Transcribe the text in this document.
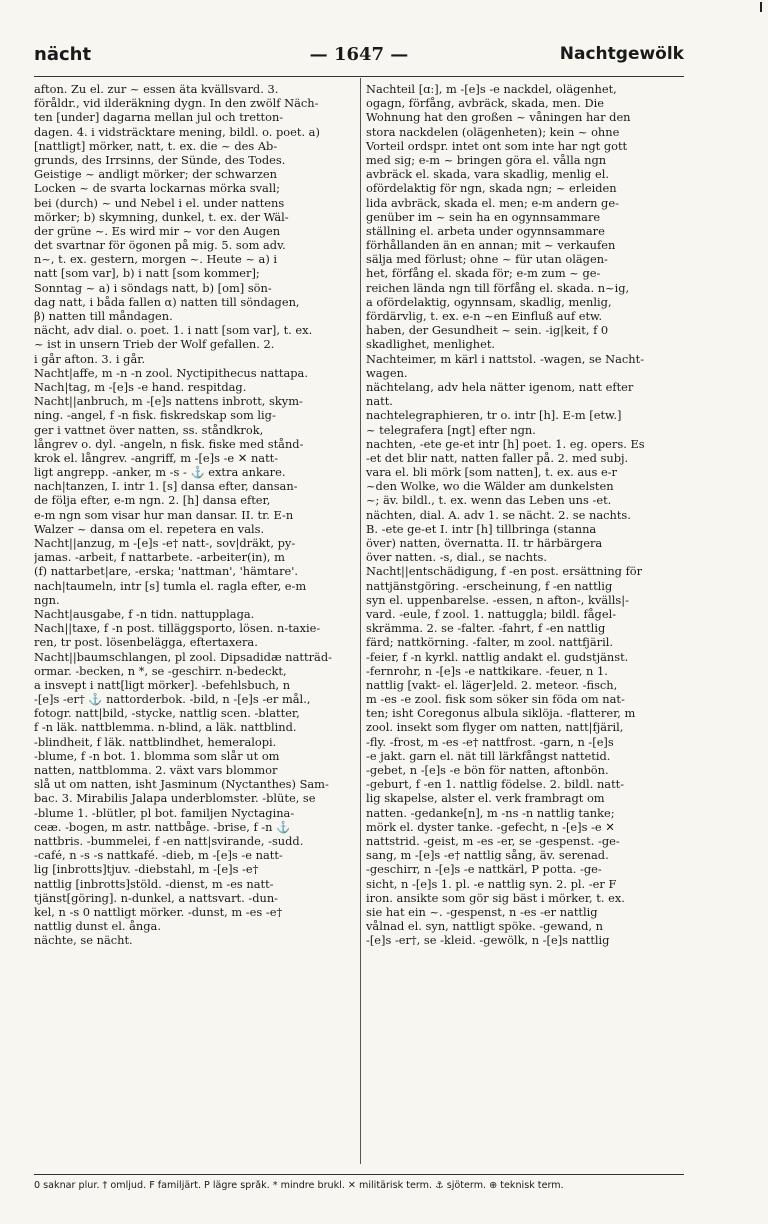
— 1647 —
nächt	Nachtgewölk
afton. Zu el. zur ~ essen äta kvällsvard. 3.
föråldr., vid ilderäkning dygn. In den zwölf Näch-
ten [under] dagarna mellan jul och tretton-
dagen. 4. i vidsträcktare mening, bildl. o. poet. a)
[nattligt] mörker, natt, t. ex. die ~ des Ab-
grunds, des Irrsinns, der Sünde, des Todes.
Geistige ~ andligt mörker; der schwarzen
Locken ~ de svarta lockarnas mörka svall;
bei (durch) ~ und Nebel i el. under nattens
mörker; b) skymning, dunkel, t. ex. der Wäl-
der grüne ~. Es wird mir ~ vor den Augen
det svartnar för ögonen på mig. 5. som adv.
n~, t. ex. gestern, morgen ~. Heute ~ a) i
natt [som var], b) i natt [som kommer];
Sonntag ~ a) i söndags natt, b) [om] sön-
dag natt, i båda fallen α) natten till söndagen,
β) natten till måndagen.
nächt, adv dial. o. poet. 1. i natt [som var], t. ex.
~ ist in unsern Trieb der Wolf gefallen. 2.
i går afton. 3. i går.
Nacht|affe, m -n -n zool. Nyctipithecus nattapa.
Nach|tag, m -[e]s -e hand. respitdag.
Nacht||anbruch, m -[e]s nattens inbrott, skym-
ning. -angel, f -n fisk. fiskredskap som lig-
ger i vattnet över natten, ss. ståndkrok,
långrev o. dyl. -angeln, n fisk. fiske med stånd-
krok el. långrev. -angriff, m -[e]s -e ✕ natt-
ligt angrepp. -anker, m -s - ⚓ extra ankare.
nach|tanzen, I. intr 1. [s] dansa efter, dansan-
de följa efter, e-m ngn. 2. [h] dansa efter,
e-m ngn som visar hur man dansar. II. tr. E-n
Walzer ~ dansa om el. repetera en vals.
Nacht||anzug, m -[e]s -e† natt-, sov|dräkt, py-
jamas. -arbeit, f nattarbete. -arbeiter(in), m
(f) nattarbet|are, -erska; 'nattman', 'hämtare'.
nach|taumeln, intr [s] tumla el. ragla efter, e-m
ngn.
Nacht|ausgabe, f -n tidn. nattupplaga.
Nach||taxe, f -n post. tilläggsporto, lösen. n-taxie-
ren, tr post. lösenbelägga, eftertaxera.
Nacht||baumschlangen, pl zool. Dipsadidæ natträd-
ormar. -becken, n *, se -geschirr. n-bedeckt,
a insvept i natt[ligt mörker]. -befehlsbuch, n
-[e]s -er† ⚓ nattorderbok. -bild, n -[e]s -er mål.,
fotogr. natt|bild, -stycke, nattlig scen. -blatter,
f -n läk. nattblemma. n-blind, a läk. nattblind.
-blindheit, f läk. nattblindhet, hemeralopi.
-blume, f -n bot. 1. blomma som slår ut om
natten, nattblomma. 2. växt vars blommor
slå ut om natten, isht Jasminum (Nyctanthes) Sam-
bac. 3. Mirabilis Jalapa underblomster. -blüte, se
-blume 1. -blütler, pl bot. familjen Nyctagina-
ceæ. -bogen, m astr. nattbåge. -brise, f -n ⚓
nattbris. -bummelei, f -en natt|svirande, -sudd.
-café, n -s -s nattkafé. -dieb, m -[e]s -e natt-
lig [inbrotts]tjuv. -diebstahl, m -[e]s -e†
nattlig [inbrotts]stöld. -dienst, m -es natt-
tjänst[göring]. n-dunkel, a nattsvart. -dun-
kel, n -s 0 nattligt mörker. -dunst, m -es -e†
nattlig dunst el. ånga.
nächte, se nächt.
Nachteil [ɑː], m -[e]s -e nackdel, olägenhet,
ogagn, förfång, avbräck, skada, men. Die
Wohnung hat den großen ~ våningen har den
stora nackdelen (olägenheten); kein ~ ohne
Vorteil ordspr. intet ont som inte har ngt gott
med sig; e-m ~ bringen göra el. vålla ngn
avbräck el. skada, vara skadlig, menlig el.
ofördelaktig för ngn, skada ngn; ~ erleiden
lida avbräck, skada el. men; e-m andern ge-
genüber im ~ sein ha en ogynnsammare
ställning el. arbeta under ogynnsammare
förhållanden än en annan; mit ~ verkaufen
sälja med förlust; ohne ~ für utan olägen-
het, förfång el. skada för; e-m zum ~ ge-
reichen lända ngn till förfång el. skada. n~ig,
a ofördelaktig, ogynnsam, skadlig, menlig,
fördärvlig, t. ex. e-n ~en Einfluß auf etw.
haben, der Gesundheit ~ sein. -ig|keit, f 0
skadlighet, menlighet.
Nachteimer, m kärl i nattstol. -wagen, se Nacht-
wagen.
nächtelang, adv hela nätter igenom, natt efter
natt.
nachtelegraphieren, tr o. intr [h]. E-m [etw.]
~ telegrafera [ngt] efter ngn.
nachten, -ete ge-et intr [h] poet. 1. eg. opers. Es
-et det blir natt, natten faller på. 2. med subj.
vara el. bli mörk [som natten], t. ex. aus e-r
~den Wolke, wo die Wälder am dunkelsten
~; äv. bildl., t. ex. wenn das Leben uns -et.
nächten, dial. A. adv 1. se nächt. 2. se nachts.
B. -ete ge-et I. intr [h] tillbringa (stanna
över) natten, övernatta. II. tr härbärgera
över natten. -s, dial., se nachts.
Nacht||entschädigung, f -en post. ersättning för
nattjänstgöring. -erscheinung, f -en nattlig
syn el. uppenbarelse. -essen, n afton-, kvälls|-
vard. -eule, f zool. 1. nattuggla; bildl. fågel-
skrämma. 2. se -falter. -fahrt, f -en nattlig
färd; nattkörning. -falter, m zool. nattfjäril.
-feier, f -n kyrkl. nattlig andakt el. gudstjänst.
-fernrohr, n -[e]s -e nattkikare. -feuer, n 1.
nattlig [vakt- el. läger]eld. 2. meteor. -fisch,
m -es -e zool. fisk som söker sin föda om nat-
ten; isht Coregonus albula siklöja. -flatterer, m
zool. insekt som flyger om natten, natt|fjäril,
-fly. -frost, m -es -e† nattfrost. -garn, n -[e]s
-e jakt. garn el. nät till lärkfångst nattetid.
-gebet, n -[e]s -e bön för natten, aftonbön.
-geburt, f -en 1. nattlig födelse. 2. bildl. natt-
lig skapelse, alster el. verk frambragt om
natten. -gedanke[n], m -ns -n nattlig tanke;
mörk el. dyster tanke. -gefecht, n -[e]s -e ✕
nattstrid. -geist, m -es -er, se -gespenst. -ge-
sang, m -[e]s -e† nattlig sång, äv. serenad.
-geschirr, n -[e]s -e nattkärl, P potta. -ge-
sicht, n -[e]s 1. pl. -e nattlig syn. 2. pl. -er F
iron. ansikte som gör sig bäst i mörker, t. ex.
sie hat ein ~. -gespenst, n -es -er nattlig
vålnad el. syn, nattligt spöke. -gewand, n
-[e]s -er†, se -kleid. -gewölk, n -[e]s nattlig
0 saknar plur. † omljud. F familjärt. P lägre språk. * mindre brukl. ✕ militärisk term. ⚓ sjöterm. ⊕ teknisk term.
